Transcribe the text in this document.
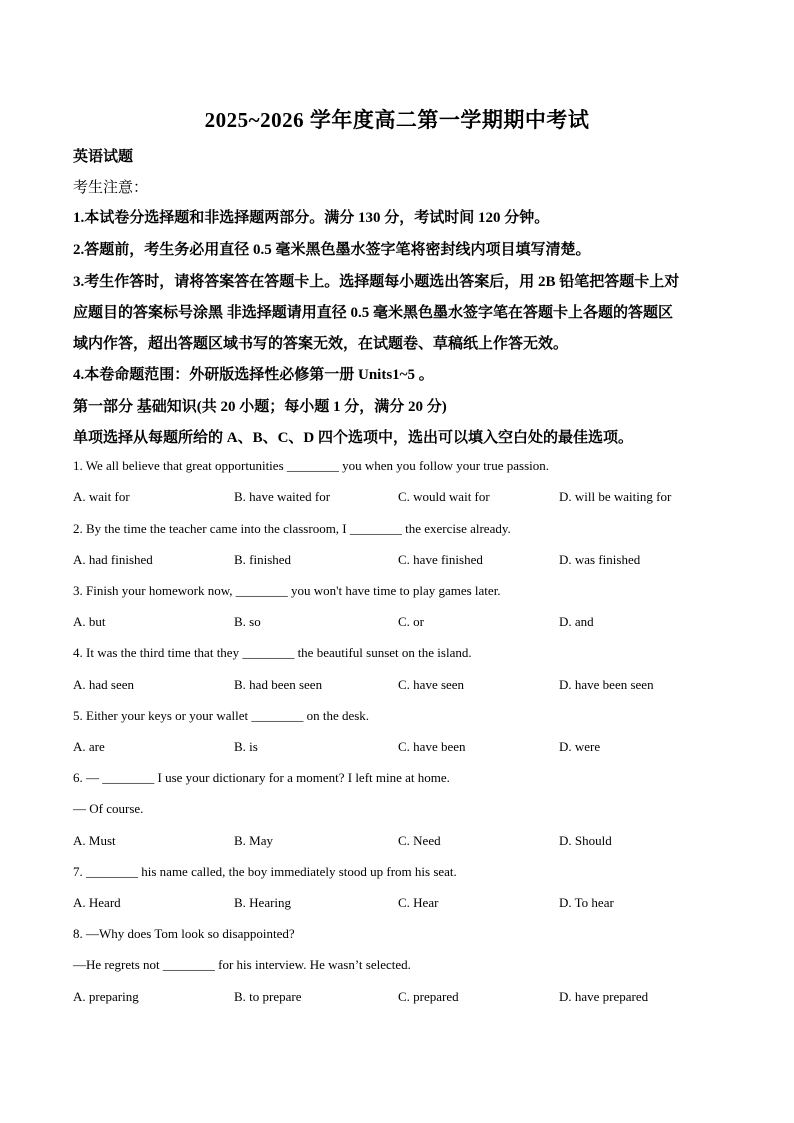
2025~2026 学年度高二第一学期期中考试
英语试题
考生注意：
1.本试卷分选择题和非选择题两部分。满分 130 分，考试时间 120 分钟。
2.答题前，考生务必用直径 0.5 毫米黑色墨水签字笔将密封线内项目填写清楚。
3.考生作答时，请将答案答在答题卡上。选择题每小题选出答案后，用 2B 铅笔把答题卡上对
应题目的答案标号涂黑 非选择题请用直径 0.5 毫米黑色墨水签字笔在答题卡上各题的答题区
域内作答，超出答题区域书写的答案无效，在试题卷、草稿纸上作答无效。
4.本卷命题范围：外研版选择性必修第一册 Units1~5 。
第一部分 基础知识(共 20 小题；每小题 1 分，满分 20 分)
单项选择从每题所给的 A、B、C、D 四个选项中，选出可以填入空白处的最佳选项。
1. We all believe that great opportunities ________ you when you follow your true passion.
A. wait for	B. have waited for	C. would wait for	D. will be waiting for
2. By the time the teacher came into the classroom, I ________ the exercise already.
A. had finished	B. finished	C. have finished	D. was finished
3. Finish your homework now, ________ you won't have time to play games later.
A. but	B. so	C. or	D. and
4. It was the third time that they ________ the beautiful sunset on the island.
A. had seen	B. had been seen	C. have seen	D. have been seen
5. Either your keys or your wallet ________ on the desk.
A. are	B. is	C. have been	D. were
6. — ________ I use your dictionary for a moment? I left mine at home.
— Of course.
A. Must	B. May	C. Need	D. Should
7. ________ his name called, the boy immediately stood up from his seat.
A. Heard	B. Hearing	C. Hear	D. To hear
8. —Why does Tom look so disappointed?
—He regrets not ________ for his interview. He wasn’t selected.
A. preparing	B. to prepare	C. prepared	D. have prepared
